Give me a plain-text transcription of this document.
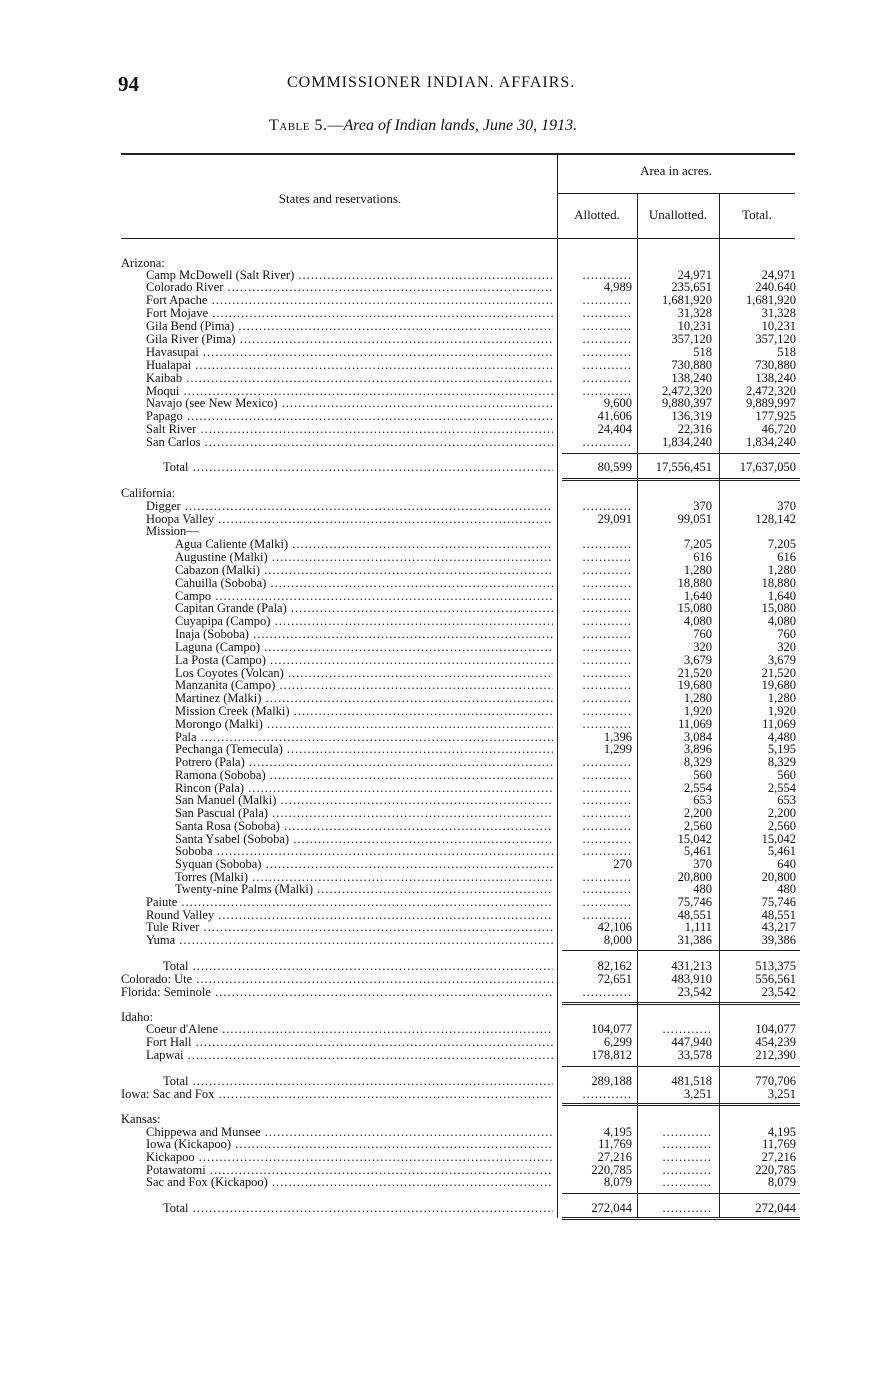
94	COMMISSIONER INDIAN. AFFAIRS.
Table 5.—Area of Indian lands, June 30, 1913.
States and reservations.
Area in acres.
Allotted.	Unallotted.	Total.
Arizona:
Camp McDowell (Salt River) .....	............	24,971	24,971
Colorado River .....	4,989	235,651	240.640
Fort Apache .....	............	1,681,920	1,681,920
Fort Mojave .....	............	31,328	31,328
Gila Bend (Pima) .....	............	10,231	10,231
Gila River (Pima) .....	............	357,120	357,120
Havasupai .....	............	518	518
Hualapai .....	............	730,880	730,880
Kaibab .....	............	138,240	138,240
Moqui .....	............	2,472,320	2,472,320
Navajo (see New Mexico) .....	9,600	9,880,397	9,889,997
Papago .....	41,606	136,319	177,925
Salt River .....	24,404	22,316	46,720
San Carlos .....	............	1,834,240	1,834,240
Total .....	80,599	17,556,451	17,637,050
California:
Digger .....	............	370	370
Hoopa Valley .....	29,091	99,051	128,142
Mission—
Agua Caliente (Malki) .....	............	7,205	7,205
Augustine (Malki) .....	............	616	616
Cabazon (Malki) .....	............	1,280	1,280
Cahuilla (Soboba) .....	............	18,880	18,880
Campo .....	............	1,640	1,640
Capitan Grande (Pala) .....	............	15,080	15,080
Cuyapipa (Campo) .....	............	4,080	4,080
Inaja (Soboba) .....	............	760	760
Laguna (Campo) .....	............	320	320
La Posta (Campo) .....	............	3,679	3,679
Los Coyotes (Volcan) .....	............	21,520	21,520
Manzanita (Campo) .....	............	19,680	19,680
Martinez (Malki) .....	............	1,280	1,280
Mission Creek (Malki) .....	............	1,920	1,920
Morongo (Malki) .....	............	11,069	11,069
Pala .....	1,396	3,084	4,480
Pechanga (Temecula) .....	1,299	3,896	5,195
Potrero (Pala) .....	............	8,329	8,329
Ramona (Soboba) .....	............	560	560
Rincon (Pala) .....	............	2,554	2,554
San Manuel (Malki) .....	............	653	653
San Pascual (Pala) .....	............	2,200	2,200
Santa Rosa (Soboba) .....	............	2,560	2,560
Santa Ysabel (Soboba) .....	............	15,042	15,042
Soboba .....	............	5,461	5,461
Syquan (Soboba) .....	270	370	640
Torres (Malki) .....	............	20,800	20,800
Twenty-nine Palms (Malki) .....	............	480	480
Paiute .....	............	75,746	75,746
Round Valley .....	............	48,551	48,551
Tule River .....	42,106	1,111	43,217
Yuma .....	8,000	31,386	39,386
Total .....	82,162	431,213	513,375
Colorado: Ute .....	72,651	483,910	556,561
Florida: Seminole .....	............	23,542	23,542
Idaho:
Coeur d'Alene .....	104,077	............	104,077
Fort Hall .....	6,299	447,940	454,239
Lapwai .....	178,812	33,578	212,390
Total .....	289,188	481,518	770,706
Iowa: Sac and Fox .....	............	3,251	3,251
Kansas:
Chippewa and Munsee .....	4,195	............	4,195
Iowa (Kickapoo) .....	11,769	............	11,769
Kickapoo .....	27,216	............	27,216
Potawatomi .....	220,785	............	220,785
Sac and Fox (Kickapoo) .....	8,079	............	8,079
Total .....	272,044	............	272,044
